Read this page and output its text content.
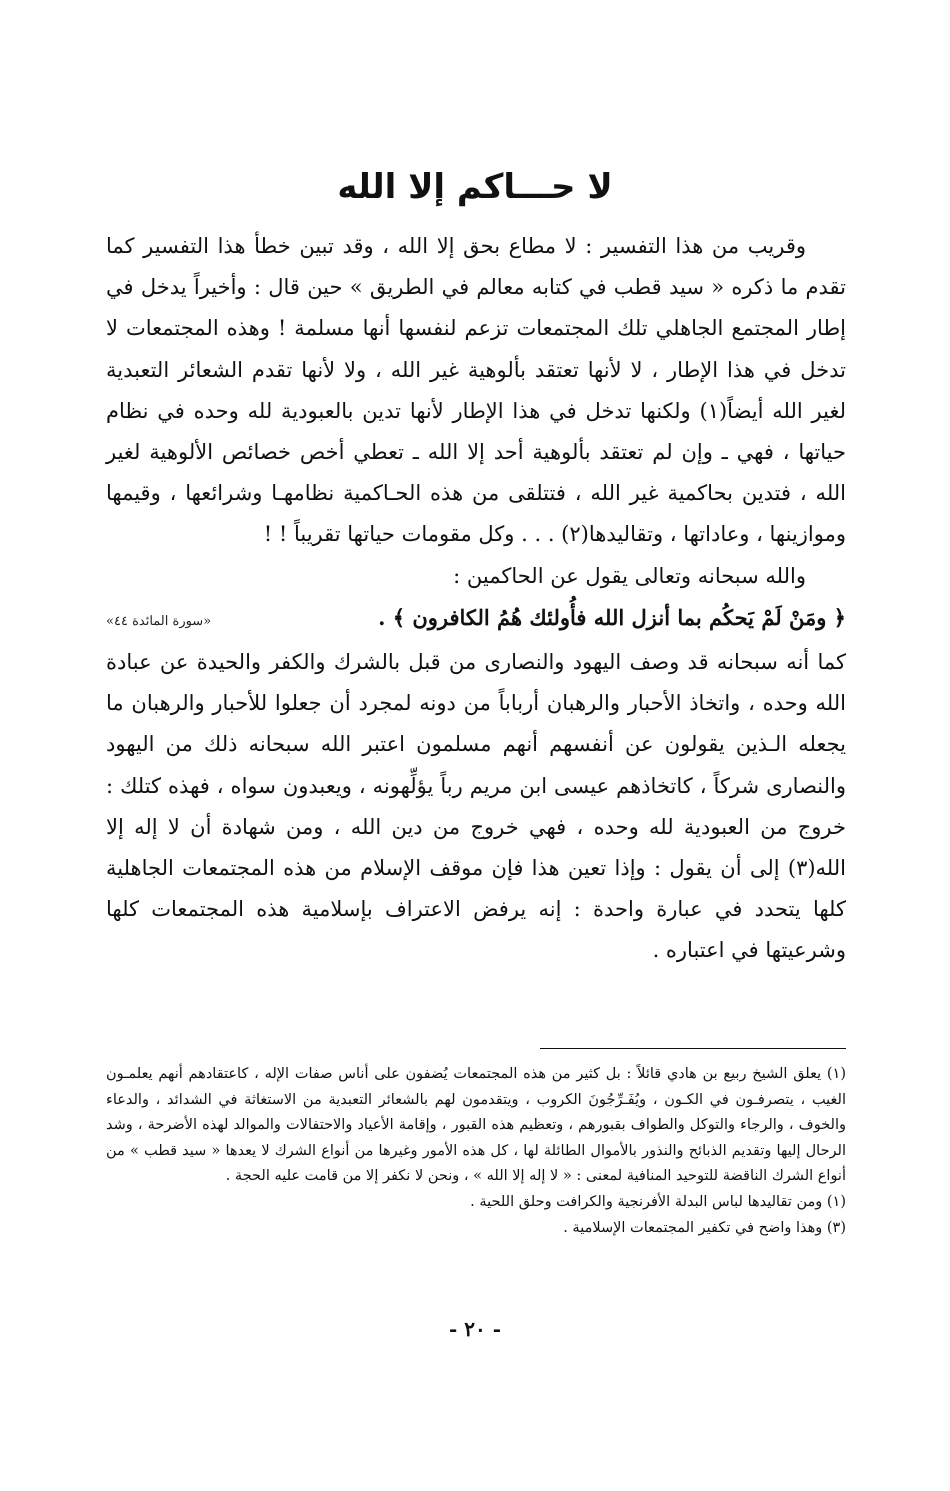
لا حـــاكم إلا الله

وقريب من هذا التفسير : لا مطاع بحق إلا الله ، وقد تبين خطأ هذا التفسير كما تقدم ما ذكره « سيد قطب في كتابه معالم في الطريق » حين قال : وأخيراً يدخل في إطار المجتمع الجاهلي تلك المجتمعات تزعم لنفسها أنها مسلمة ! وهذه المجتمعات لا تدخل في هذا الإطار ، لا لأنها تعتقد بألوهية غير الله ، ولا لأنها تقدم الشعائر التعبدية لغير الله أيضاً(١) ولكنها تدخل في هذا الإطار لأنها تدين بالعبودية لله وحده في نظام حياتها ، فهي ـ وإن لم تعتقد بألوهية أحد إلا الله ـ تعطي أخص خصائص الألوهية لغير الله ، فتدين بحاكمية غير الله ، فتتلقى من هذه الحـاكمية نظامهـا وشرائعها ، وقيمها وموازينها ، وعاداتها ، وتقاليدها(٢) . . . وكل مقومات حياتها تقريباً ! !

والله سبحانه وتعالى يقول عن الحاكمين :

﴿ ومَنْ لَمْ يَحكُم بما أنزل الله فأُولئك هُمُ الكافرون ﴾ .
«سورة المائدة ٤٤»

كما أنه سبحانه قد وصف اليهود والنصارى من قبل بالشرك والكفر والحيدة عن عبادة الله وحده ، واتخاذ الأحبار والرهبان أرباباً من دونه لمجرد أن جعلوا للأحبار والرهبان ما يجعله الـذين يقولون عن أنفسهم أنهم مسلمون اعتبر الله سبحانه ذلك من اليهود والنصارى شركاً ، كاتخاذهم عيسى ابن مريم رباً يؤلِّهونه ، ويعبدون سواه ، فهذه كتلك : خروج من العبودية لله وحده ، فهي خروج من دين الله ، ومن شهادة أن لا إله إلا الله(٣) إلى أن يقول : وإذا تعين هذا فإن موقف الإسلام من هذه المجتمعات الجاهلية كلها يتحدد في عبارة واحدة : إنه يرفض الاعتراف بإسلامية هذه المجتمعات كلها وشرعيتها في اعتباره .

(١) يعلق الشيخ ربيع بن هادي قائلاً : بل كثير من هذه المجتمعات يُضفون على أناس صفات الإله ، كاعتقادهم أنهم يعلمـون الغيب ، يتصرفـون في الكـون ، ويُفَـرِّجُونَ الكروب ، ويتقدمون لهم بالشعائر التعبدية من الاستغاثة في الشدائد ، والدعاء والخوف ، والرجاء والتوكل والطواف بقبورهم ، وتعظيم هذه القبور ، وإقامة الأعياد والاحتفالات والموالد لهذه الأضرحة ، وشد الرحال إليها وتقديم الذبائح والنذور بالأموال الطائلة لها ، كل هذه الأمور وغيرها من أنواع الشرك لا يعدها « سيد قطب » من أنواع الشرك الناقضة للتوحيد المنافية لمعنى : « لا إله إلا الله » ، ونحن لا نكفر إلا من قامت عليه الحجة .

(١) ومن تقاليدها لباس البدلة الأفرنجية والكرافت وحلق اللحية .

(٣) وهذا واضح في تكفير المجتمعات الإسلامية .

- ٢٠ -
